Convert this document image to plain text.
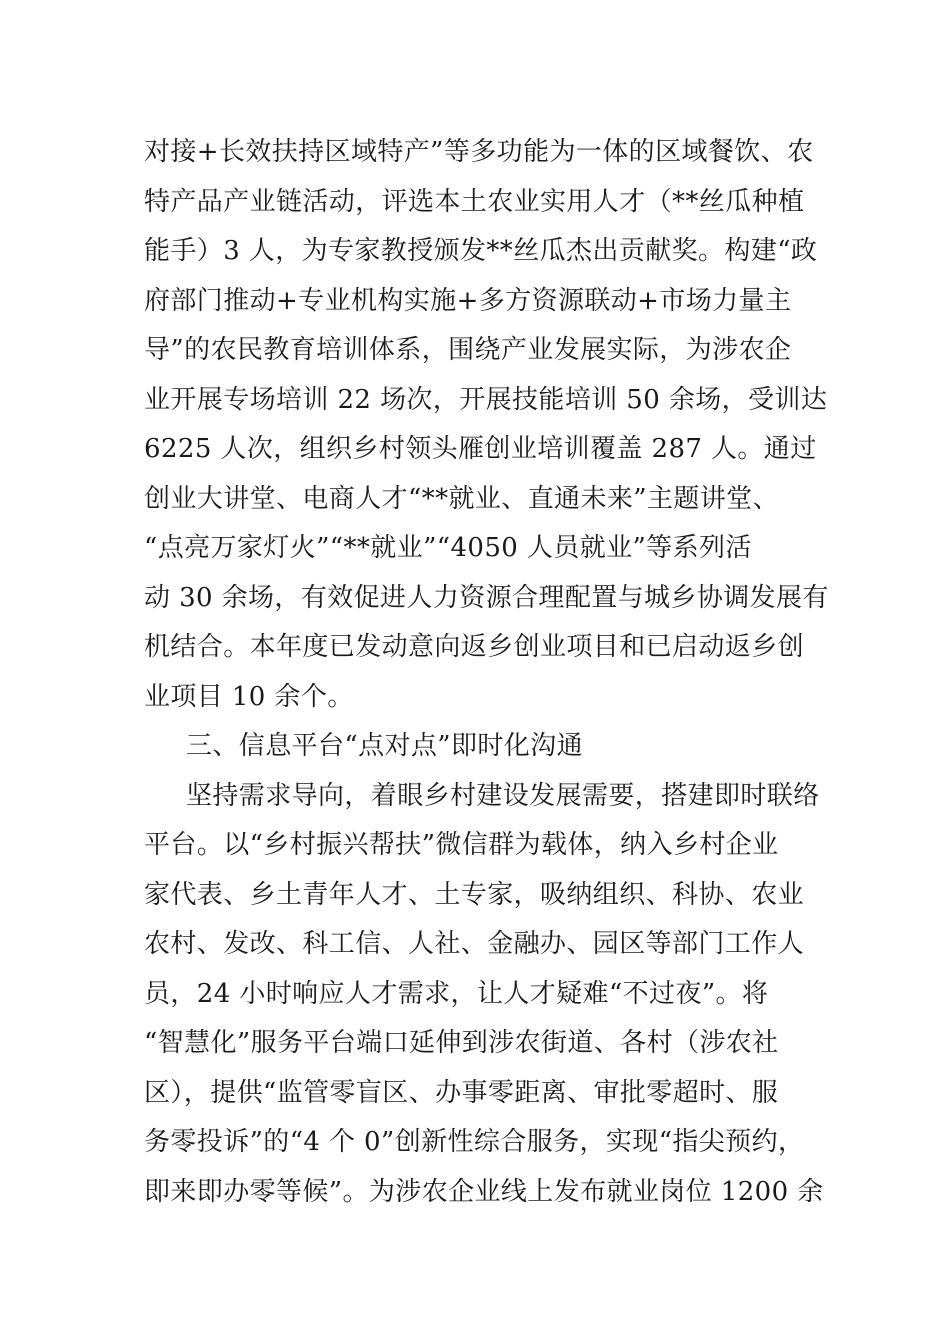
对接+长效扶持区域特产”等多功能为一体的区域餐饮、农
特产品产业链活动，评选本土农业实用人才（**丝瓜种植
能手）3 人，为专家教授颁发**丝瓜杰出贡献奖。构建“政
府部门推动+专业机构实施+多方资源联动+市场力量主
导”的农民教育培训体系，围绕产业发展实际，为涉农企
业开展专场培训 22 场次，开展技能培训 50 余场，受训达
6225 人次，组织乡村领头雁创业培训覆盖 287 人。通过
创业大讲堂、电商人才“**就业、直通未来”主题讲堂、
“点亮万家灯火”“**就业”“4050 人员就业”等系列活
动 30 余场，有效促进人力资源合理配置与城乡协调发展有
机结合。本年度已发动意向返乡创业项目和已启动返乡创
业项目 10 余个。
三、信息平台“点对点”即时化沟通
坚持需求导向，着眼乡村建设发展需要，搭建即时联络
平台。以“乡村振兴帮扶”微信群为载体，纳入乡村企业
家代表、乡土青年人才、土专家，吸纳组织、科协、农业
农村、发改、科工信、人社、金融办、园区等部门工作人
员，24 小时响应人才需求，让人才疑难“不过夜”。将
“智慧化”服务平台端口延伸到涉农街道、各村（涉农社
区），提供“监管零盲区、办事零距离、审批零超时、服
务零投诉”的“4 个 0”创新性综合服务，实现“指尖预约，
即来即办零等候”。为涉农企业线上发布就业岗位 1200 余
